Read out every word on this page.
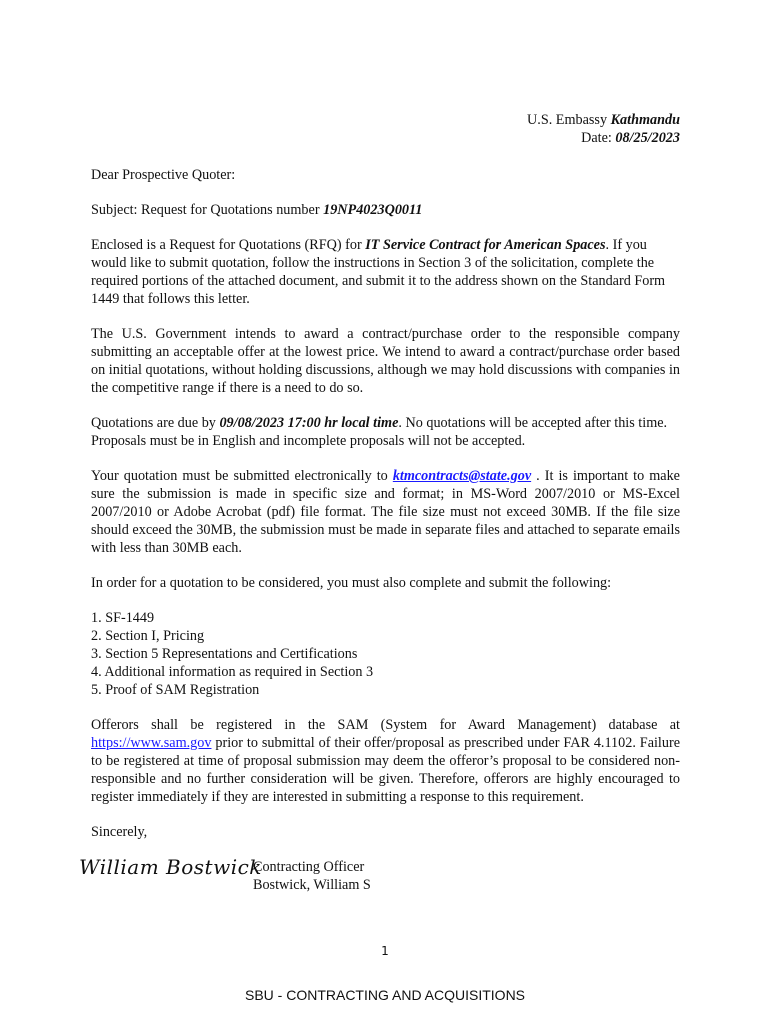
U.S. Embassy Kathmandu
Date: 08/25/2023

Dear Prospective Quoter:

Subject: Request for Quotations number 19NP4023Q0011

Enclosed is a Request for Quotations (RFQ) for IT Service Contract for American Spaces. If you would like to submit quotation, follow the instructions in Section 3 of the solicitation, complete the required portions of the attached document, and submit it to the address shown on the Standard Form 1449 that follows this letter.

The U.S. Government intends to award a contract/purchase order to the responsible company submitting an acceptable offer at the lowest price. We intend to award a contract/purchase order based on initial quotations, without holding discussions, although we may hold discussions with companies in the competitive range if there is a need to do so.

Quotations are due by 09/08/2023 17:00 hr local time. No quotations will be accepted after this time. Proposals must be in English and incomplete proposals will not be accepted.

Your quotation must be submitted electronically to ktmcontracts@state.gov . It is important to make sure the submission is made in specific size and format; in MS-Word 2007/2010 or MS-Excel 2007/2010 or Adobe Acrobat (pdf) file format. The file size must not exceed 30MB. If the file size should exceed the 30MB, the submission must be made in separate files and attached to separate emails with less than 30MB each.

In order for a quotation to be considered, you must also complete and submit the following:

1. SF-1449
2. Section I, Pricing
3. Section 5 Representations and Certifications
4. Additional information as required in Section 3
5. Proof of SAM Registration

Offerors shall be registered in the SAM (System for Award Management) database at https://www.sam.gov prior to submittal of their offer/proposal as prescribed under FAR 4.1102. Failure to be registered at time of proposal submission may deem the offeror’s proposal to be considered non-responsible and no further consideration will be given. Therefore, offerors are highly encouraged to register immediately if they are interested in submitting a response to this requirement.

Sincerely,

William Bostwick
Contracting Officer
Bostwick, William S
1
SBU - CONTRACTING AND ACQUISITIONS
